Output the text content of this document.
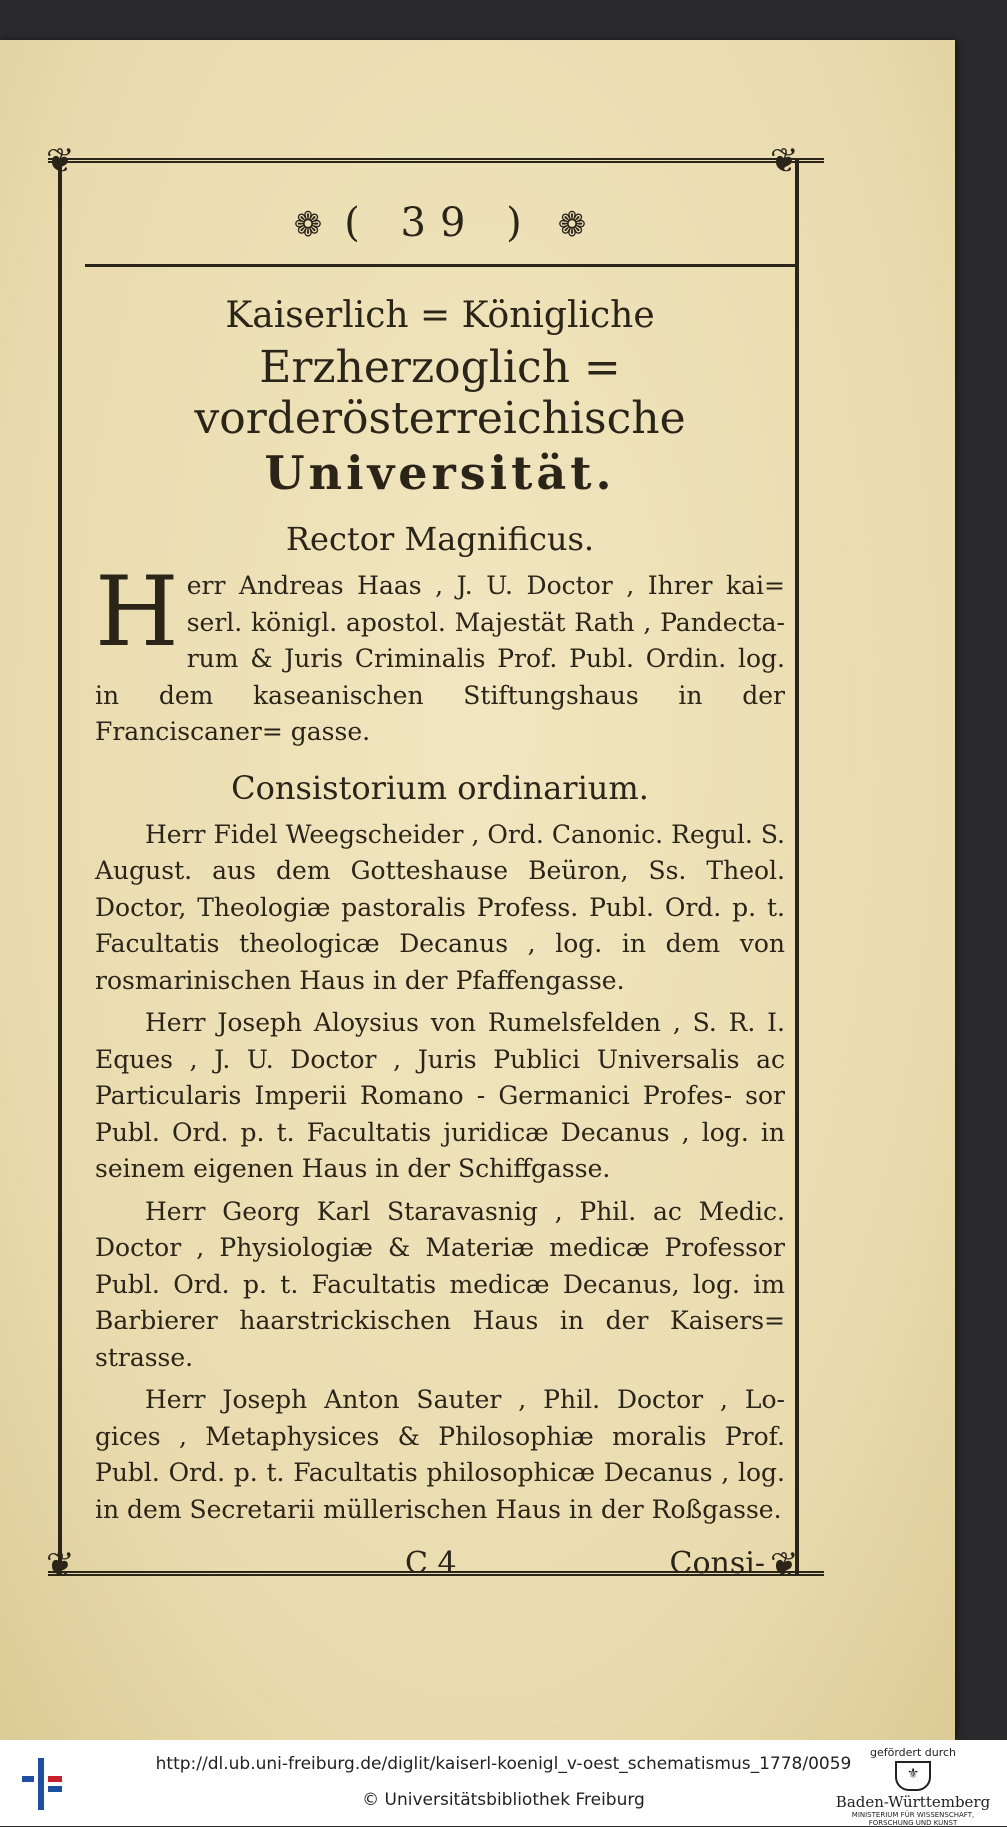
❦	❦
❦	❦
❁ ( 39 ) ❁
Kaiserlich = Königliche
Erzherzoglich = vorderösterreichische
Universität.
Rector Magnificus.

Herr Andreas Haas , J. U. Doctor , Ihrer kai= serl. königl. apostol. Majestät Rath , Pandecta- rum & Juris Criminalis Prof. Publ. Ordin. log. in dem kaseanischen Stiftungshaus in der Franciscaner= gasse.

Consistorium ordinarium.

Herr Fidel Weegscheider , Ord. Canonic. Regul. S. August. aus dem Gotteshause Beüron, Ss. Theol. Doctor, Theologiæ pastoralis Profess. Publ. Ord. p. t. Facultatis theologicæ Decanus , log. in dem von rosmarinischen Haus in der Pfaffengasse.

Herr Joseph Aloysius von Rumelsfelden , S. R. I. Eques , J. U. Doctor , Juris Publici Universalis ac Particularis Imperii Romano - Germanici Profes- sor Publ. Ord. p. t. Facultatis juridicæ Decanus , log. in seinem eigenen Haus in der Schiffgasse.

Herr Georg Karl Staravasnig , Phil. ac Medic. Doctor , Physiologiæ & Materiæ medicæ Professor Publ. Ord. p. t. Facultatis medicæ Decanus, log. im Barbierer haarstrickischen Haus in der Kaisers= strasse.

Herr Joseph Anton Sauter , Phil. Doctor , Lo- gices , Metaphysices & Philosophiæ moralis Prof. Publ. Ord. p. t. Facultatis philosophicæ Decanus , log. in dem Secretarii müllerischen Haus in der Roßgasse.

C 4	Consi-
http://dl.ub.uni-freiburg.de/diglit/kaiserl-koenigl_v-oest_schematismus_1778/0059
© Universitätsbibliothek Freiburg
gefördert durch
⚜
Baden-Württemberg
MINISTERIUM FÜR WISSENSCHAFT, FORSCHUNG UND KUNST
